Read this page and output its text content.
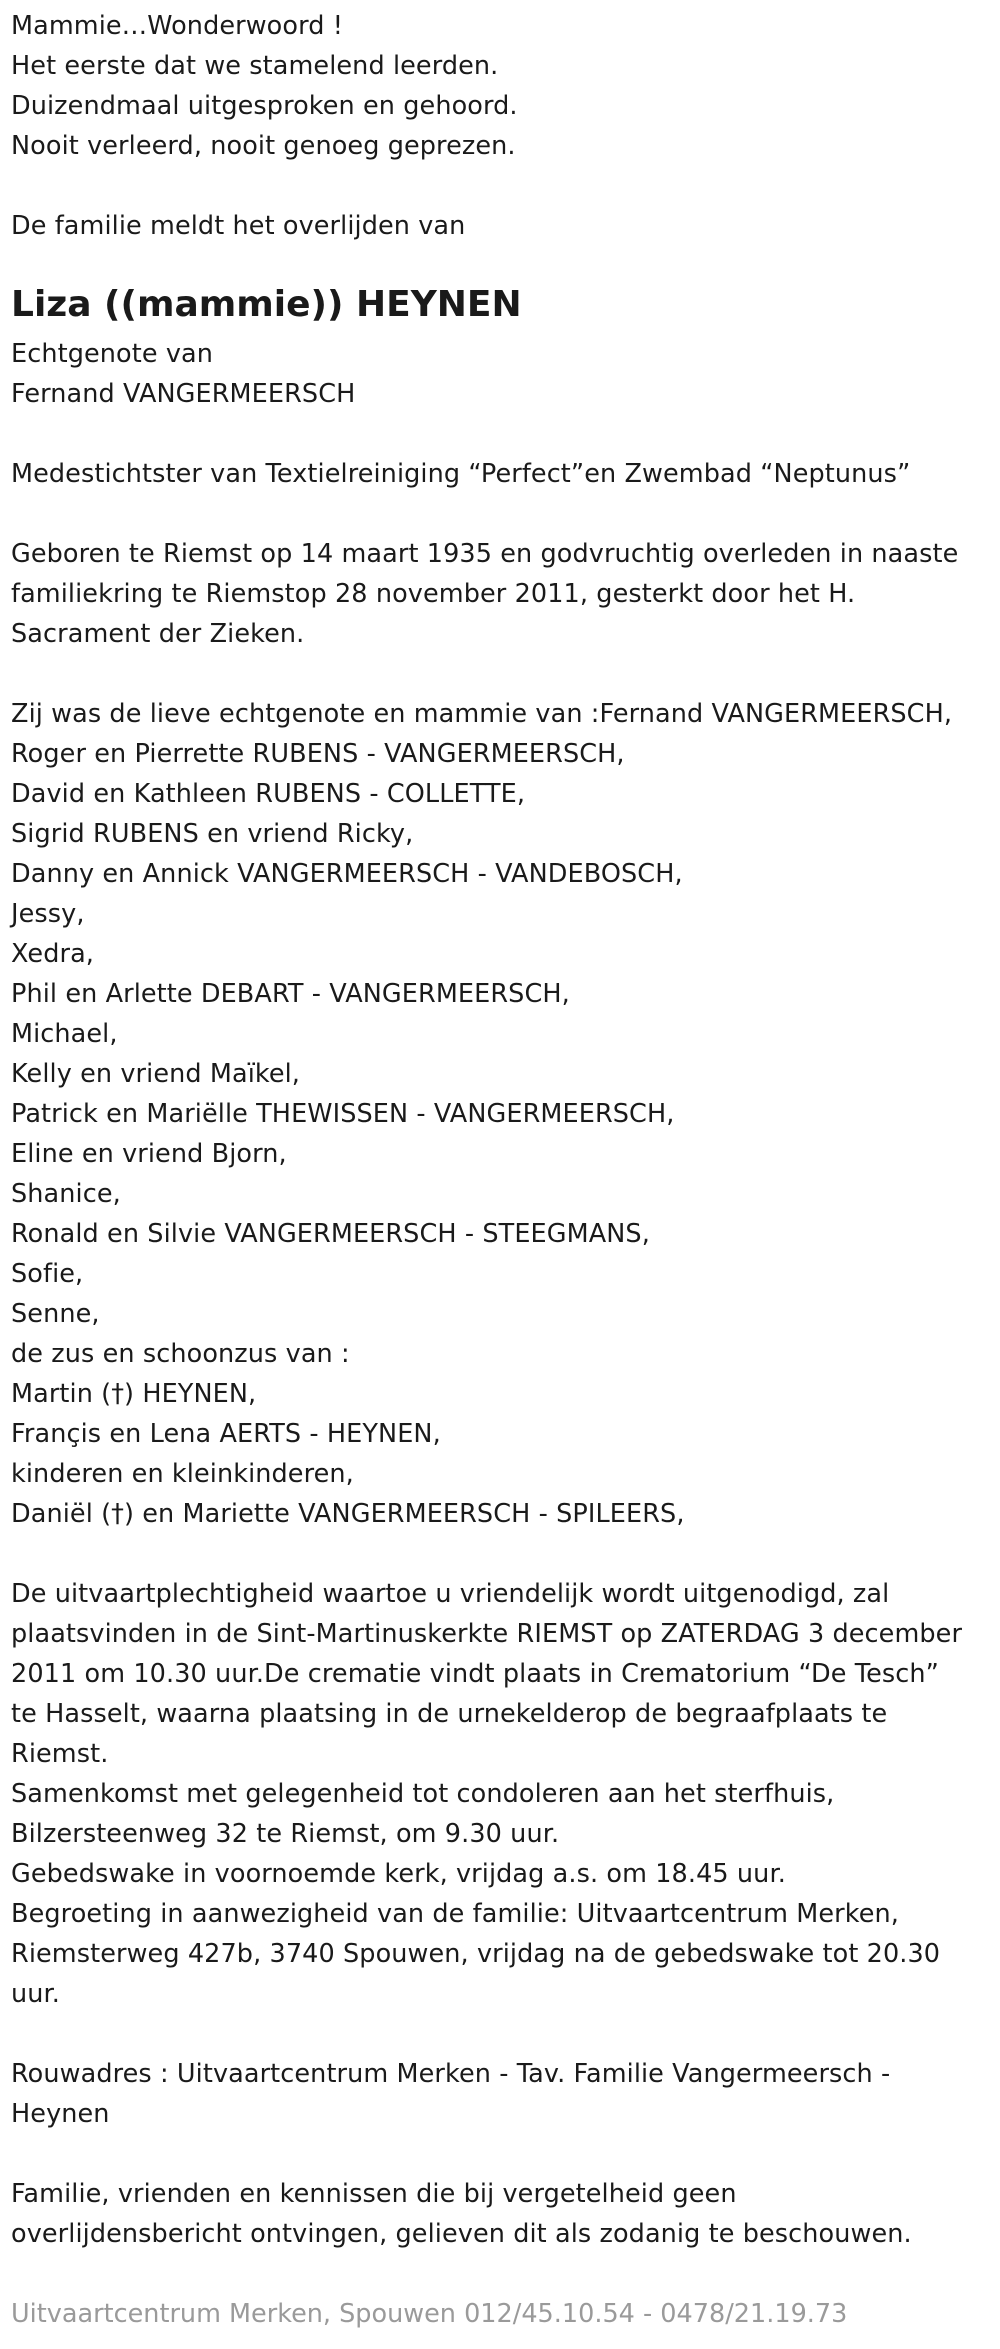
Mammie…Wonderwoord !
Het eerste dat we stamelend leerden.
Duizendmaal uitgesproken en gehoord.
Nooit verleerd, nooit genoeg geprezen.
De familie meldt het overlijden van
Liza ((mammie)) HEYNEN
Echtgenote van
Fernand VANGERMEERSCH
Medestichtster van Textielreiniging “Perfect”en Zwembad “Neptunus”
Geboren te Riemst op 14 maart 1935 en godvruchtig overleden in naaste
familiekring te Riemstop 28 november 2011, gesterkt door het H.
Sacrament der Zieken.
Zij was de lieve echtgenote en mammie van :Fernand VANGERMEERSCH,
Roger en Pierrette RUBENS - VANGERMEERSCH,
David en Kathleen RUBENS - COLLETTE,
Sigrid RUBENS en vriend Ricky,
Danny en Annick VANGERMEERSCH - VANDEBOSCH,
Jessy,
Xedra,
Phil en Arlette DEBART - VANGERMEERSCH,
Michael,
Kelly en vriend Maïkel,
Patrick en Mariëlle THEWISSEN - VANGERMEERSCH,
Eline en vriend Bjorn,
Shanice,
Ronald en Silvie VANGERMEERSCH - STEEGMANS,
Sofie,
Senne,
de zus en schoonzus van :
Martin (†) HEYNEN,
Françis en Lena AERTS - HEYNEN,
kinderen en kleinkinderen,
Daniël (†) en Mariette VANGERMEERSCH - SPILEERS,
De uitvaartplechtigheid waartoe u vriendelijk wordt uitgenodigd, zal
plaatsvinden in de Sint-Martinuskerkte RIEMST op ZATERDAG 3 december
2011 om 10.30 uur.De crematie vindt plaats in Crematorium “De Tesch”
te Hasselt, waarna plaatsing in de urnekelderop de begraafplaats te
Riemst.
Samenkomst met gelegenheid tot condoleren aan het sterfhuis,
Bilzersteenweg 32 te Riemst, om 9.30 uur.
Gebedswake in voornoemde kerk, vrijdag a.s. om 18.45 uur.
Begroeting in aanwezigheid van de familie: Uitvaartcentrum Merken,
Riemsterweg 427b, 3740 Spouwen, vrijdag na de gebedswake tot 20.30
uur.
Rouwadres : Uitvaartcentrum Merken - Tav. Familie Vangermeersch -
Heynen
Familie, vrienden en kennissen die bij vergetelheid geen
overlijdensbericht ontvingen, gelieven dit als zodanig te beschouwen.
Uitvaartcentrum Merken, Spouwen 012/45.10.54 - 0478/21.19.73
